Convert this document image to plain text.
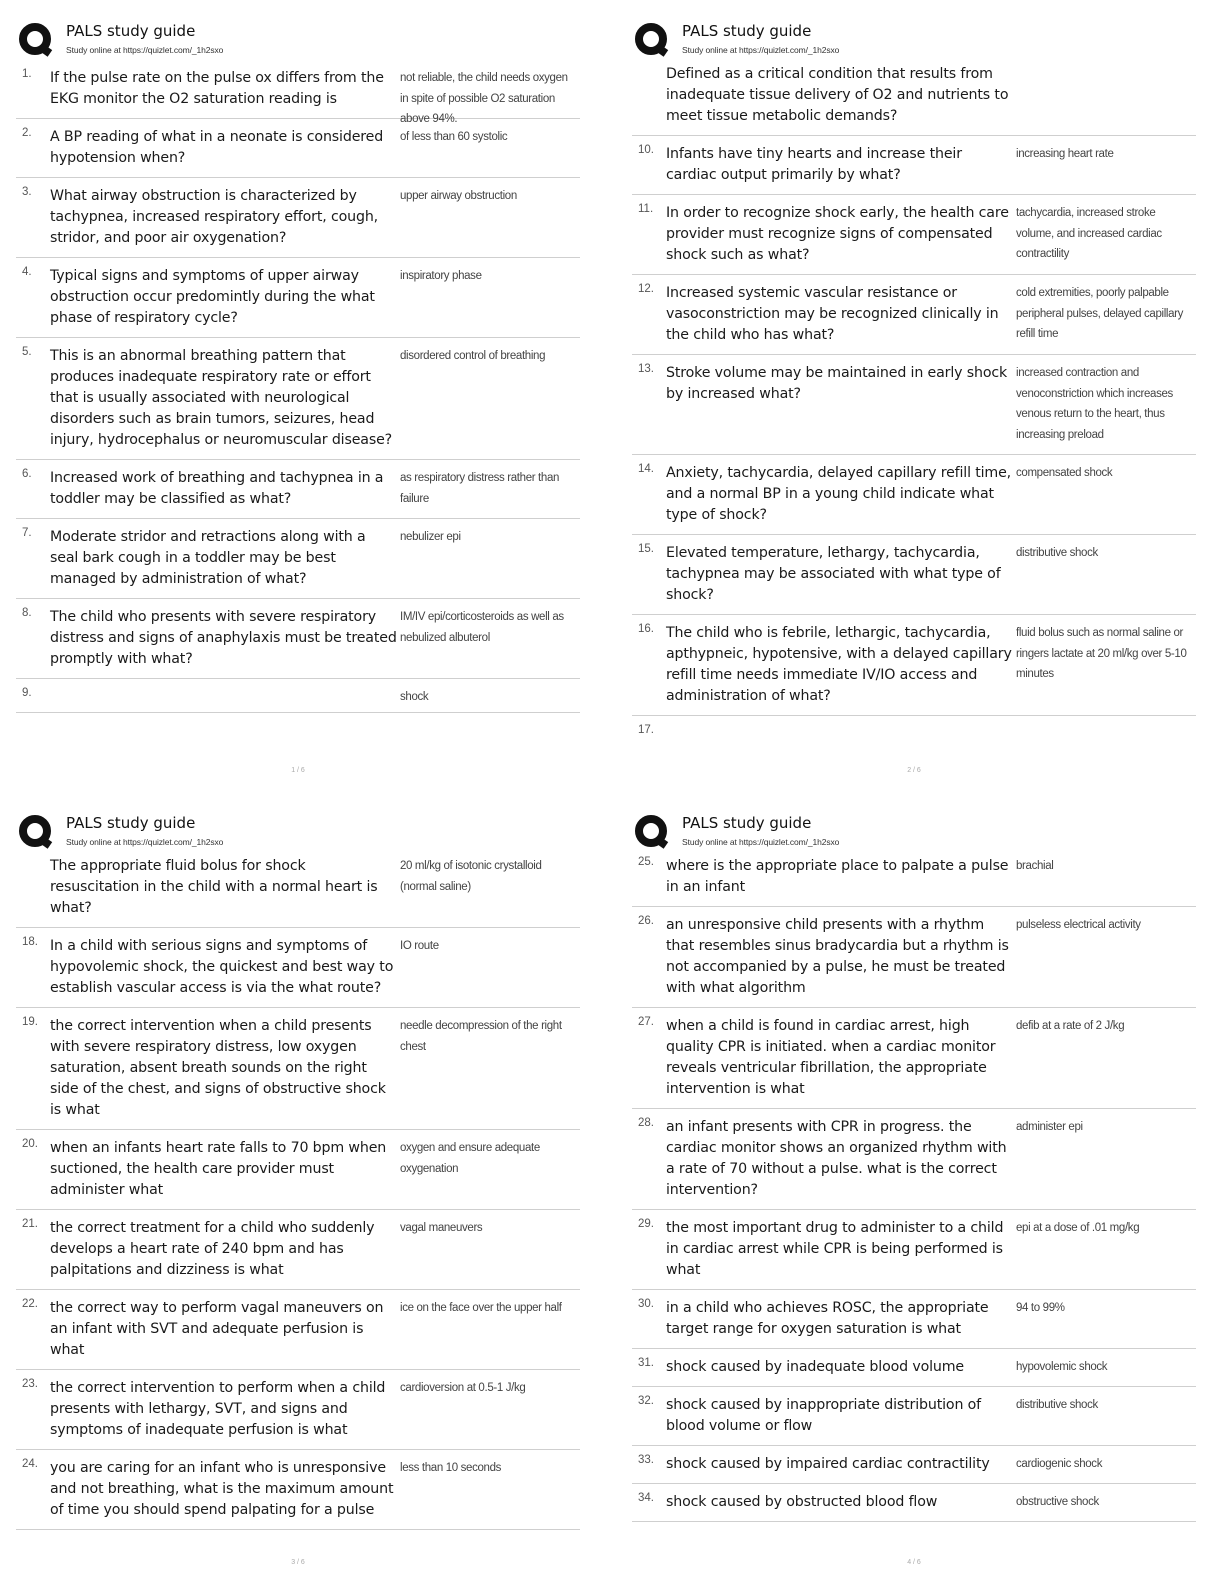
PALS study guide
Study online at https://quizlet.com/_1h2sxo
1. If the pulse rate on the pulse ox differs from the EKG monitor the O2 saturation reading is
not reliable, the child needs oxygen in spite of possible O2 saturation above 94%.
2. A BP reading of what in a neonate is considered hypotension when?
of less than 60 systolic
3. What airway obstruction is characterized by tachypnea, increased respiratory effort, cough, stridor, and poor air oxygenation?
upper airway obstruction
4. Typical signs and symptoms of upper airway obstruction occur predomintly during the what phase of respiratory cycle?
inspiratory phase
5. This is an abnormal breathing pattern that produces inadequate respiratory rate or effort that is usually associated with neurological disorders such as brain tumors, seizures, head injury, hydrocephalus or neuromuscular disease?
disordered control of breathing
6. Increased work of breathing and tachypnea in a toddler may be classified as what?
as respiratory distress rather than failure
7. Moderate stridor and retractions along with a seal bark cough in a toddler may be best managed by administration of what?
nebulizer epi
8. The child who presents with severe respiratory distress and signs of anaphylaxis must be treated promptly with what?
IM/IV epi/corticosteroids as well as nebulized albuterol
9.	shock
1 / 6
PALS study guide
Study online at https://quizlet.com/_1h2sxo
Defined as a critical condition that results from inadequate tissue delivery of O2 and nutrients to meet tissue metabolic demands?
10. Infants have tiny hearts and increase their cardiac output primarily by what?
increasing heart rate
11. In order to recognize shock early, the health care provider must recognize signs of compensated shock such as what?
tachycardia, increased stroke volume, and increased cardiac contractility
12. Increased systemic vascular resistance or vasoconstriction may be recognized clinically in the child who has what?
cold extremities, poorly palpable peripheral pulses, delayed capillary refill time
13. Stroke volume may be maintained in early shock by increased what?
increased contraction and venoconstriction which increases venous return to the heart, thus increasing preload
14. Anxiety, tachycardia, delayed capillary refill time, and a normal BP in a young child indicate what type of shock?
compensated shock
15. Elevated temperature, lethargy, tachycardia, tachypnea may be associated with what type of shock?
distributive shock
16. The child who is febrile, lethargic, tachycardia, apthypneic, hypotensive, with a delayed capillary refill time needs immediate IV/IO access and administration of what?
fluid bolus such as normal saline or ringers lactate at 20 ml/kg over 5-10 minutes
17.
2 / 6
PALS study guide
Study online at https://quizlet.com/_1h2sxo
The appropriate fluid bolus for shock resuscitation in the child with a normal heart is what?
20 ml/kg of isotonic crystalloid (normal saline)
18. In a child with serious signs and symptoms of hypovolemic shock, the quickest and best way to establish vascular access is via the what route?
IO route
19. the correct intervention when a child presents with severe respiratory distress, low oxygen saturation, absent breath sounds on the right side of the chest, and signs of obstructive shock is what
needle decompression of the right chest
20. when an infants heart rate falls to 70 bpm when suctioned, the health care provider must administer what
oxygen and ensure adequate oxygenation
21. the correct treatment for a child who suddenly develops a heart rate of 240 bpm and has palpitations and dizziness is what
vagal maneuvers
22. the correct way to perform vagal maneuvers on an infant with SVT and adequate perfusion is what
ice on the face over the upper half
23. the correct intervention to perform when a child presents with lethargy, SVT, and signs and symptoms of inadequate perfusion is what
cardioversion at 0.5-1 J/kg
24. you are caring for an infant who is unresponsive and not breathing, what is the maximum amount of time you should spend palpating for a pulse
less than 10 seconds
3 / 6
PALS study guide
Study online at https://quizlet.com/_1h2sxo
25. where is the appropriate place to palpate a pulse in an infant
brachial
26. an unresponsive child presents with a rhythm that resembles sinus bradycardia but a rhythm is not accompanied by a pulse, he must be treated with what algorithm
pulseless electrical activity
27. when a child is found in cardiac arrest, high quality CPR is initiated. when a cardiac monitor reveals ventricular fibrillation, the appropriate intervention is what
defib at a rate of 2 J/kg
28. an infant presents with CPR in progress. the cardiac monitor shows an organized rhythm with a rate of 70 without a pulse. what is the correct intervention?
administer epi
29. the most important drug to administer to a child in cardiac arrest while CPR is being performed is what
epi at a dose of .01 mg/kg
30. in a child who achieves ROSC, the appropriate target range for oxygen saturation is what
94 to 99%
31. shock caused by inadequate blood volume	hypovolemic shock
32. shock caused by inappropriate distribution of blood volume or flow
distributive shock
33. shock caused by impaired cardiac contractility	cardiogenic shock
34. shock caused by obstructed blood flow	obstructive shock
4 / 6
